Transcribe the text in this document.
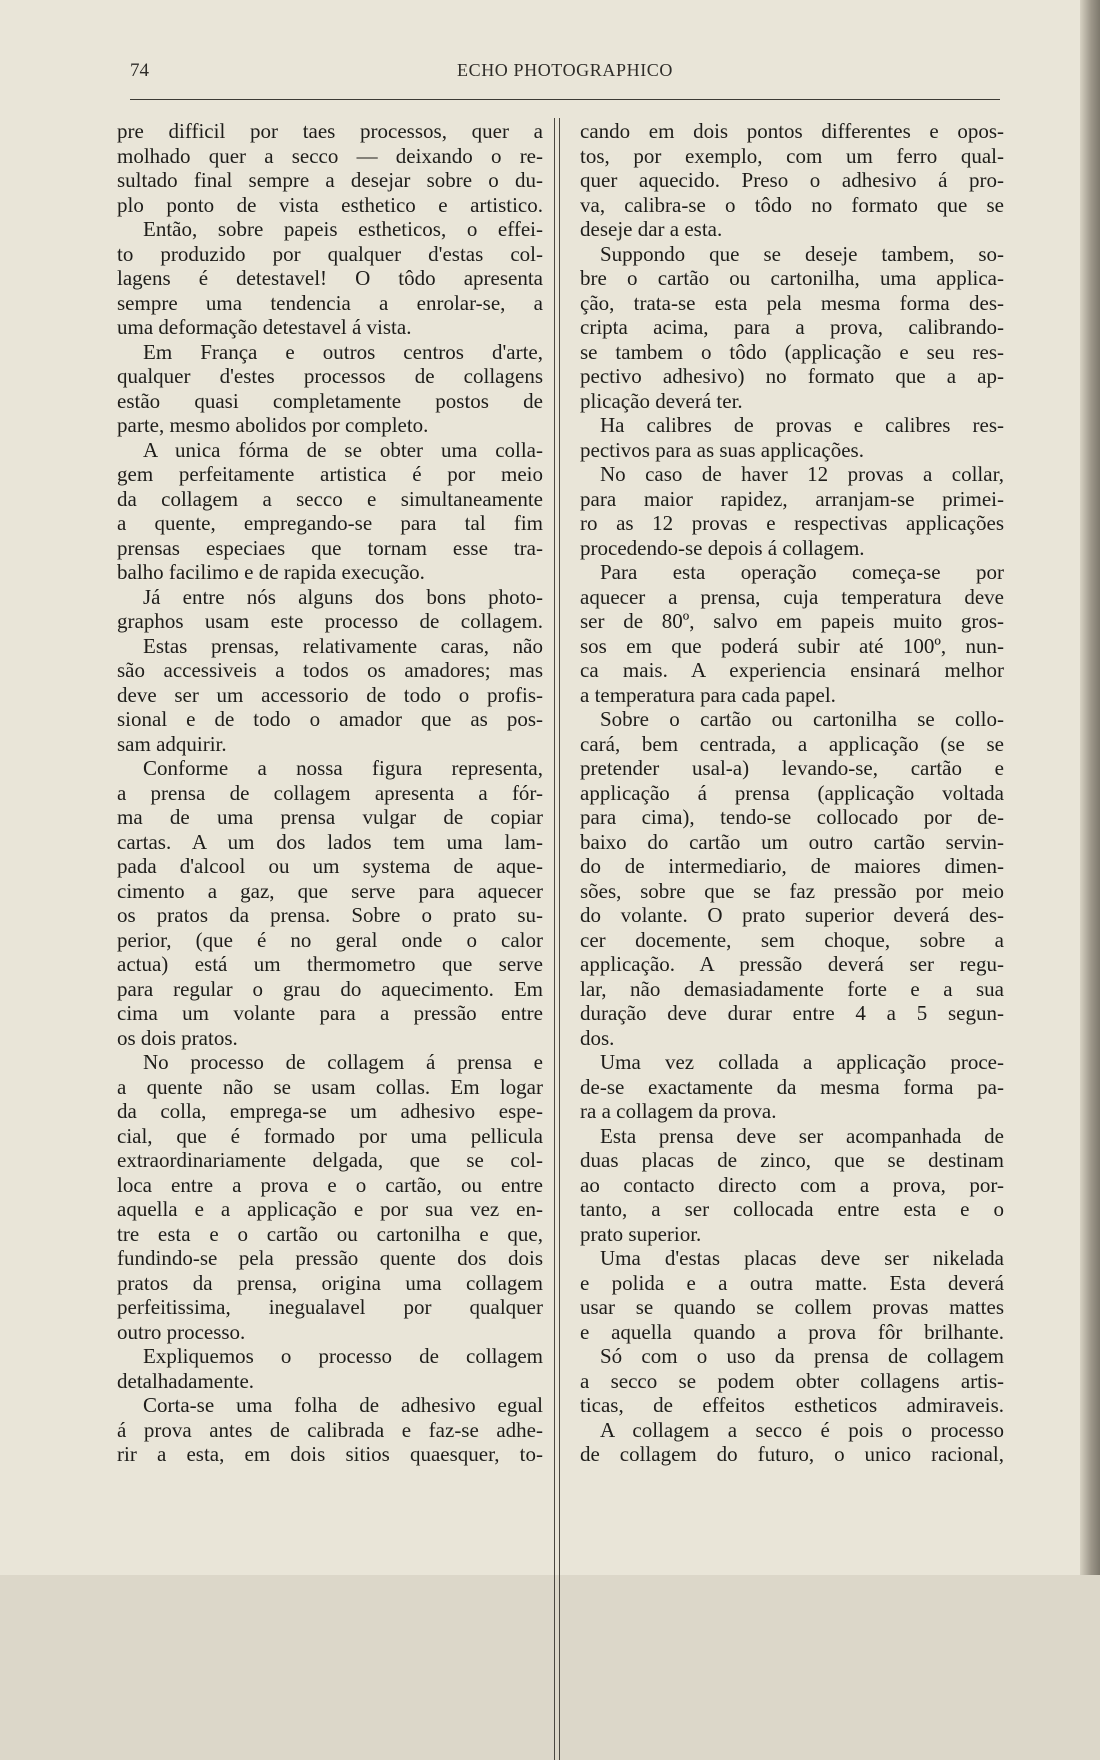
74	ECHO PHOTOGRAPHICO
pre difficil por taes processos, quer a
molhado quer a secco — deixando o re-
sultado final sempre a desejar sobre o du-
plo ponto de vista esthetico e artistico.
Então, sobre papeis estheticos, o effei-
to produzido por qualquer d'estas col-
lagens é detestavel! O tôdo apresenta
sempre uma tendencia a enrolar-se, a
uma deformação detestavel á vista.
Em França e outros centros d'arte,
qualquer d'estes processos de collagens
estão quasi completamente postos de
parte, mesmo abolidos por completo.
A unica fórma de se obter uma colla-
gem perfeitamente artistica é por meio
da collagem a secco e simultaneamente
a quente, empregando-se para tal fim
prensas especiaes que tornam esse tra-
balho facilimo e de rapida execução.
Já entre nós alguns dos bons photo-
graphos usam este processo de collagem.
Estas prensas, relativamente caras, não
são accessiveis a todos os amadores; mas
deve ser um accessorio de todo o profis-
sional e de todo o amador que as pos-
sam adquirir.
Conforme a nossa figura representa,
a prensa de collagem apresenta a fór-
ma de uma prensa vulgar de copiar
cartas. A um dos lados tem uma lam-
pada d'alcool ou um systema de aque-
cimento a gaz, que serve para aquecer
os pratos da prensa. Sobre o prato su-
perior, (que é no geral onde o calor
actua) está um thermometro que serve
para regular o grau do aquecimento. Em
cima um volante para a pressão entre
os dois pratos.
No processo de collagem á prensa e
a quente não se usam collas. Em logar
da colla, emprega-se um adhesivo espe-
cial, que é formado por uma pellicula
extraordinariamente delgada, que se col-
loca entre a prova e o cartão, ou entre
aquella e a applicação e por sua vez en-
tre esta e o cartão ou cartonilha e que,
fundindo-se pela pressão quente dos dois
pratos da prensa, origina uma collagem
perfeitissima, inegualavel por qualquer
outro processo.
Expliquemos o processo de collagem
detalhadamente.
Corta-se uma folha de adhesivo egual
á prova antes de calibrada e faz-se adhe-
rir a esta, em dois sitios quaesquer, to-
cando em dois pontos differentes e opos-
tos, por exemplo, com um ferro qual-
quer aquecido. Preso o adhesivo á pro-
va, calibra-se o tôdo no formato que se
deseje dar a esta.
Suppondo que se deseje tambem, so-
bre o cartão ou cartonilha, uma applica-
ção, trata-se esta pela mesma forma des-
cripta acima, para a prova, calibrando-
se tambem o tôdo (applicação e seu res-
pectivo adhesivo) no formato que a ap-
plicação deverá ter.
Ha calibres de provas e calibres res-
pectivos para as suas applicações.
No caso de haver 12 provas a collar,
para maior rapidez, arranjam-se primei-
ro as 12 provas e respectivas applicações
procedendo-se depois á collagem.
Para esta operação começa-se por
aquecer a prensa, cuja temperatura deve
ser de 80º, salvo em papeis muito gros-
sos em que poderá subir até 100º, nun-
ca mais. A experiencia ensinará melhor
a temperatura para cada papel.
Sobre o cartão ou cartonilha se collo-
cará, bem centrada, a applicação (se se
pretender usal-a) levando-se, cartão e
applicação á prensa (applicação voltada
para cima), tendo-se collocado por de-
baixo do cartão um outro cartão servin-
do de intermediario, de maiores dimen-
sões, sobre que se faz pressão por meio
do volante. O prato superior deverá des-
cer docemente, sem choque, sobre a
applicação. A pressão deverá ser regu-
lar, não demasiadamente forte e a sua
duração deve durar entre 4 a 5 segun-
dos.
Uma vez collada a applicação proce-
de-se exactamente da mesma forma pa-
ra a collagem da prova.
Esta prensa deve ser acompanhada de
duas placas de zinco, que se destinam
ao contacto directo com a prova, por-
tanto, a ser collocada entre esta e o
prato superior.
Uma d'estas placas deve ser nikelada
e polida e a outra matte. Esta deverá
usar se quando se collem provas mattes
e aquella quando a prova fôr brilhante.
Só com o uso da prensa de collagem
a secco se podem obter collagens artis-
ticas, de effeitos estheticos admiraveis.
A collagem a secco é pois o processo
de collagem do futuro, o unico racional,
